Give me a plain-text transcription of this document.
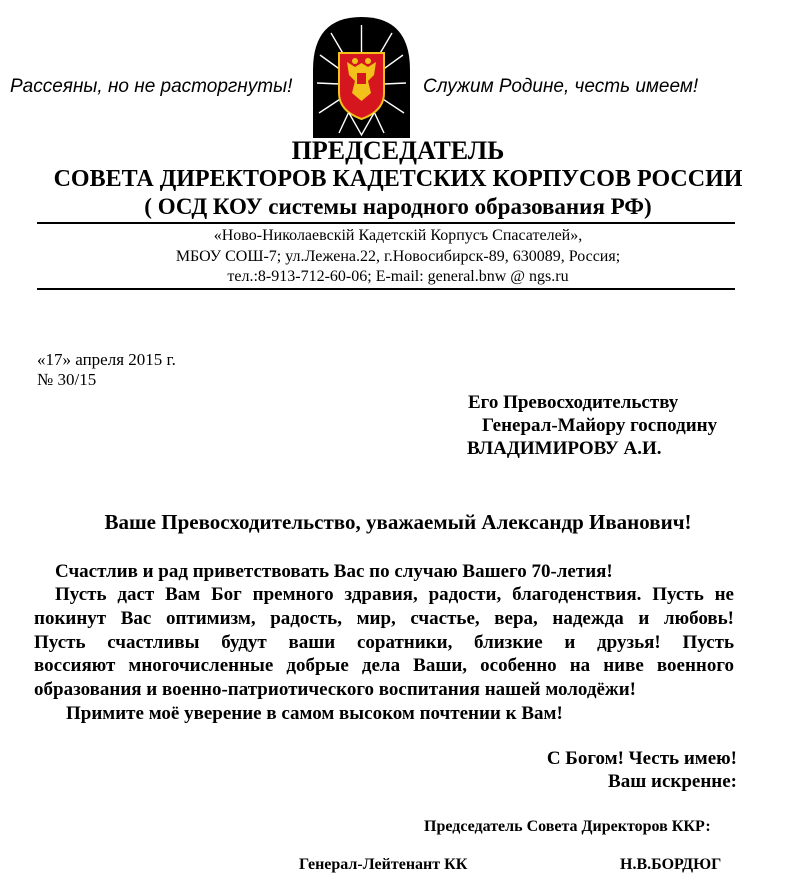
Рассеяны, но не расторгнуты!	Служим Родине, честь имеем!
ПРЕДСЕДАТЕЛЬ
СОВЕТА ДИРЕКТОРОВ КАДЕТСКИХ КОРПУСОВ РОССИИ
( ОСД КОУ системы народного образования РФ)
«Ново-Николаевскій Кадетскій Корпусъ Спасателей»,
МБОУ СОШ-7; ул.Лежена.22, г.Новосибирск-89, 630089, Россия;
тел.:8-913-712-60-06; E-mail: general.bnw @ ngs.ru
«17» апреля 2015 г.
№ 30/15
Его Превосходительству
Генерал-Майору господину
ВЛАДИМИРОВУ А.И.
Ваше Превосходительство, уважаемый Александр Иванович!
Счастлив и рад приветствовать Вас по случаю Вашего 70-летия!
Пусть даст Вам Бог премного здравия, радости, благоденствия. Пусть не
покинут Вас оптимизм, радость, мир, счастье, вера, надежда и любовь!
Пусть счастливы будут ваши соратники, близкие и друзья! Пусть
воссияют многочисленные добрые дела Ваши, особенно на ниве военного
образования и военно-патриотического воспитания нашей молодёжи!
Примите моё уверение в самом высоком почтении к Вам!
С Богом! Честь имею!
Ваш искренне:
Председатель Совета Директоров ККР:
Генерал-Лейтенант КК	Н.В.БОРДЮГ
